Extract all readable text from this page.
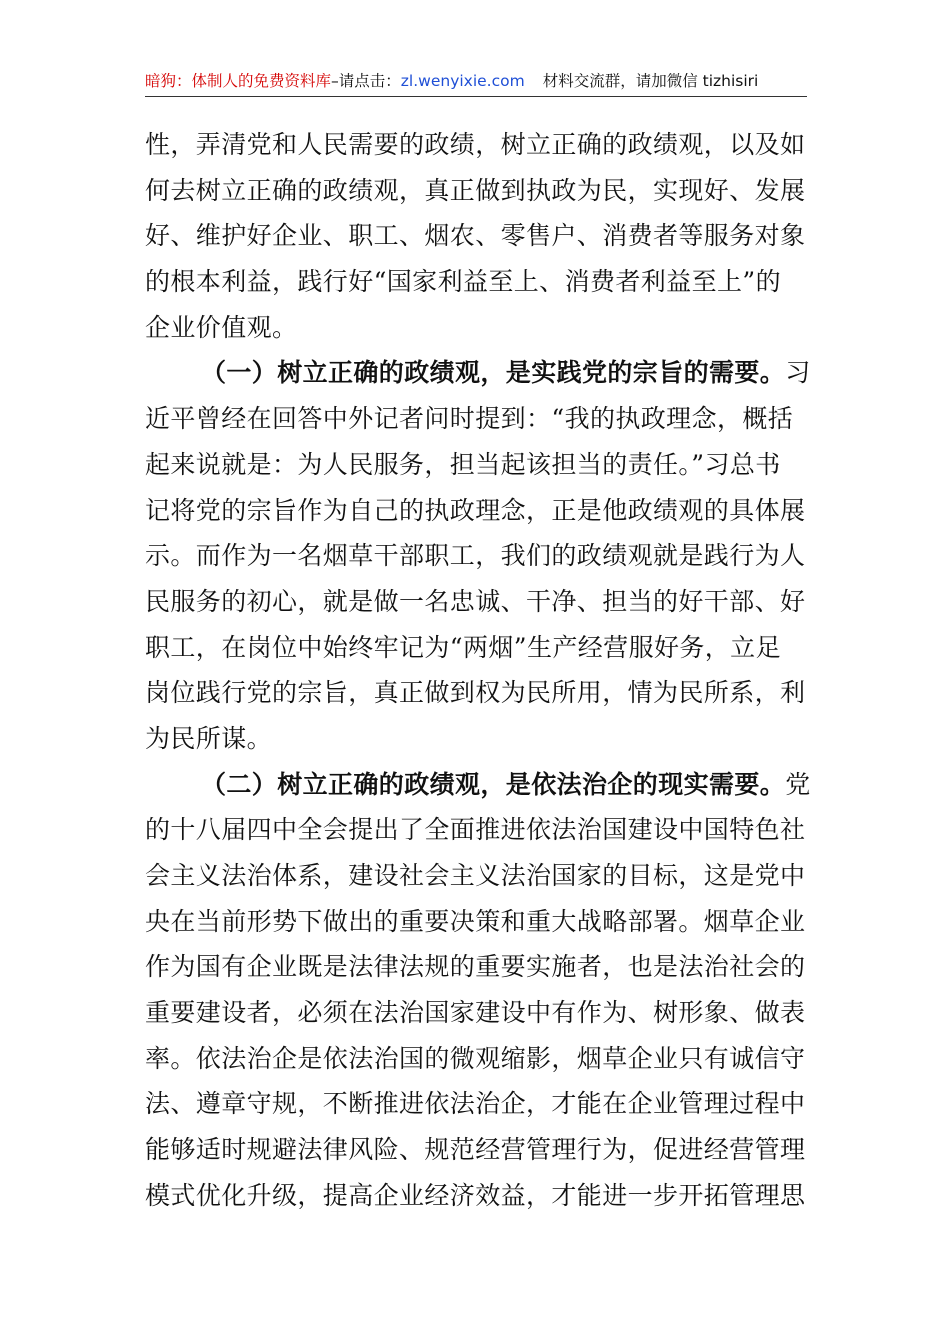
暗狗：体制人的免费资料库–请点击：zl.wenyixie.com 材料交流群，请加微信 tizhisiri
性，弄清党和人民需要的政绩，树立正确的政绩观，以及如
何去树立正确的政绩观，真正做到执政为民，实现好、发展
好、维护好企业、职工、烟农、零售户、消费者等服务对象
的根本利益，践行好“国家利益至上、消费者利益至上”的
企业价值观。
（一）树立正确的政绩观，是实践党的宗旨的需要。习
近平曾经在回答中外记者问时提到：“我的执政理念，概括
起来说就是：为人民服务，担当起该担当的责任。”习总书
记将党的宗旨作为自己的执政理念，正是他政绩观的具体展
示。而作为一名烟草干部职工，我们的政绩观就是践行为人
民服务的初心，就是做一名忠诚、干净、担当的好干部、好
职工，在岗位中始终牢记为“两烟”生产经营服好务，立足
岗位践行党的宗旨，真正做到权为民所用，情为民所系，利
为民所谋。
（二）树立正确的政绩观，是依法治企的现实需要。党
的十八届四中全会提出了全面推进依法治国建设中国特色社
会主义法治体系，建设社会主义法治国家的目标，这是党中
央在当前形势下做出的重要决策和重大战略部署。烟草企业
作为国有企业既是法律法规的重要实施者，也是法治社会的
重要建设者，必须在法治国家建设中有作为、树形象、做表
率。依法治企是依法治国的微观缩影，烟草企业只有诚信守
法、遵章守规，不断推进依法治企，才能在企业管理过程中
能够适时规避法律风险、规范经营管理行为，促进经营管理
模式优化升级，提高企业经济效益，才能进一步开拓管理思
